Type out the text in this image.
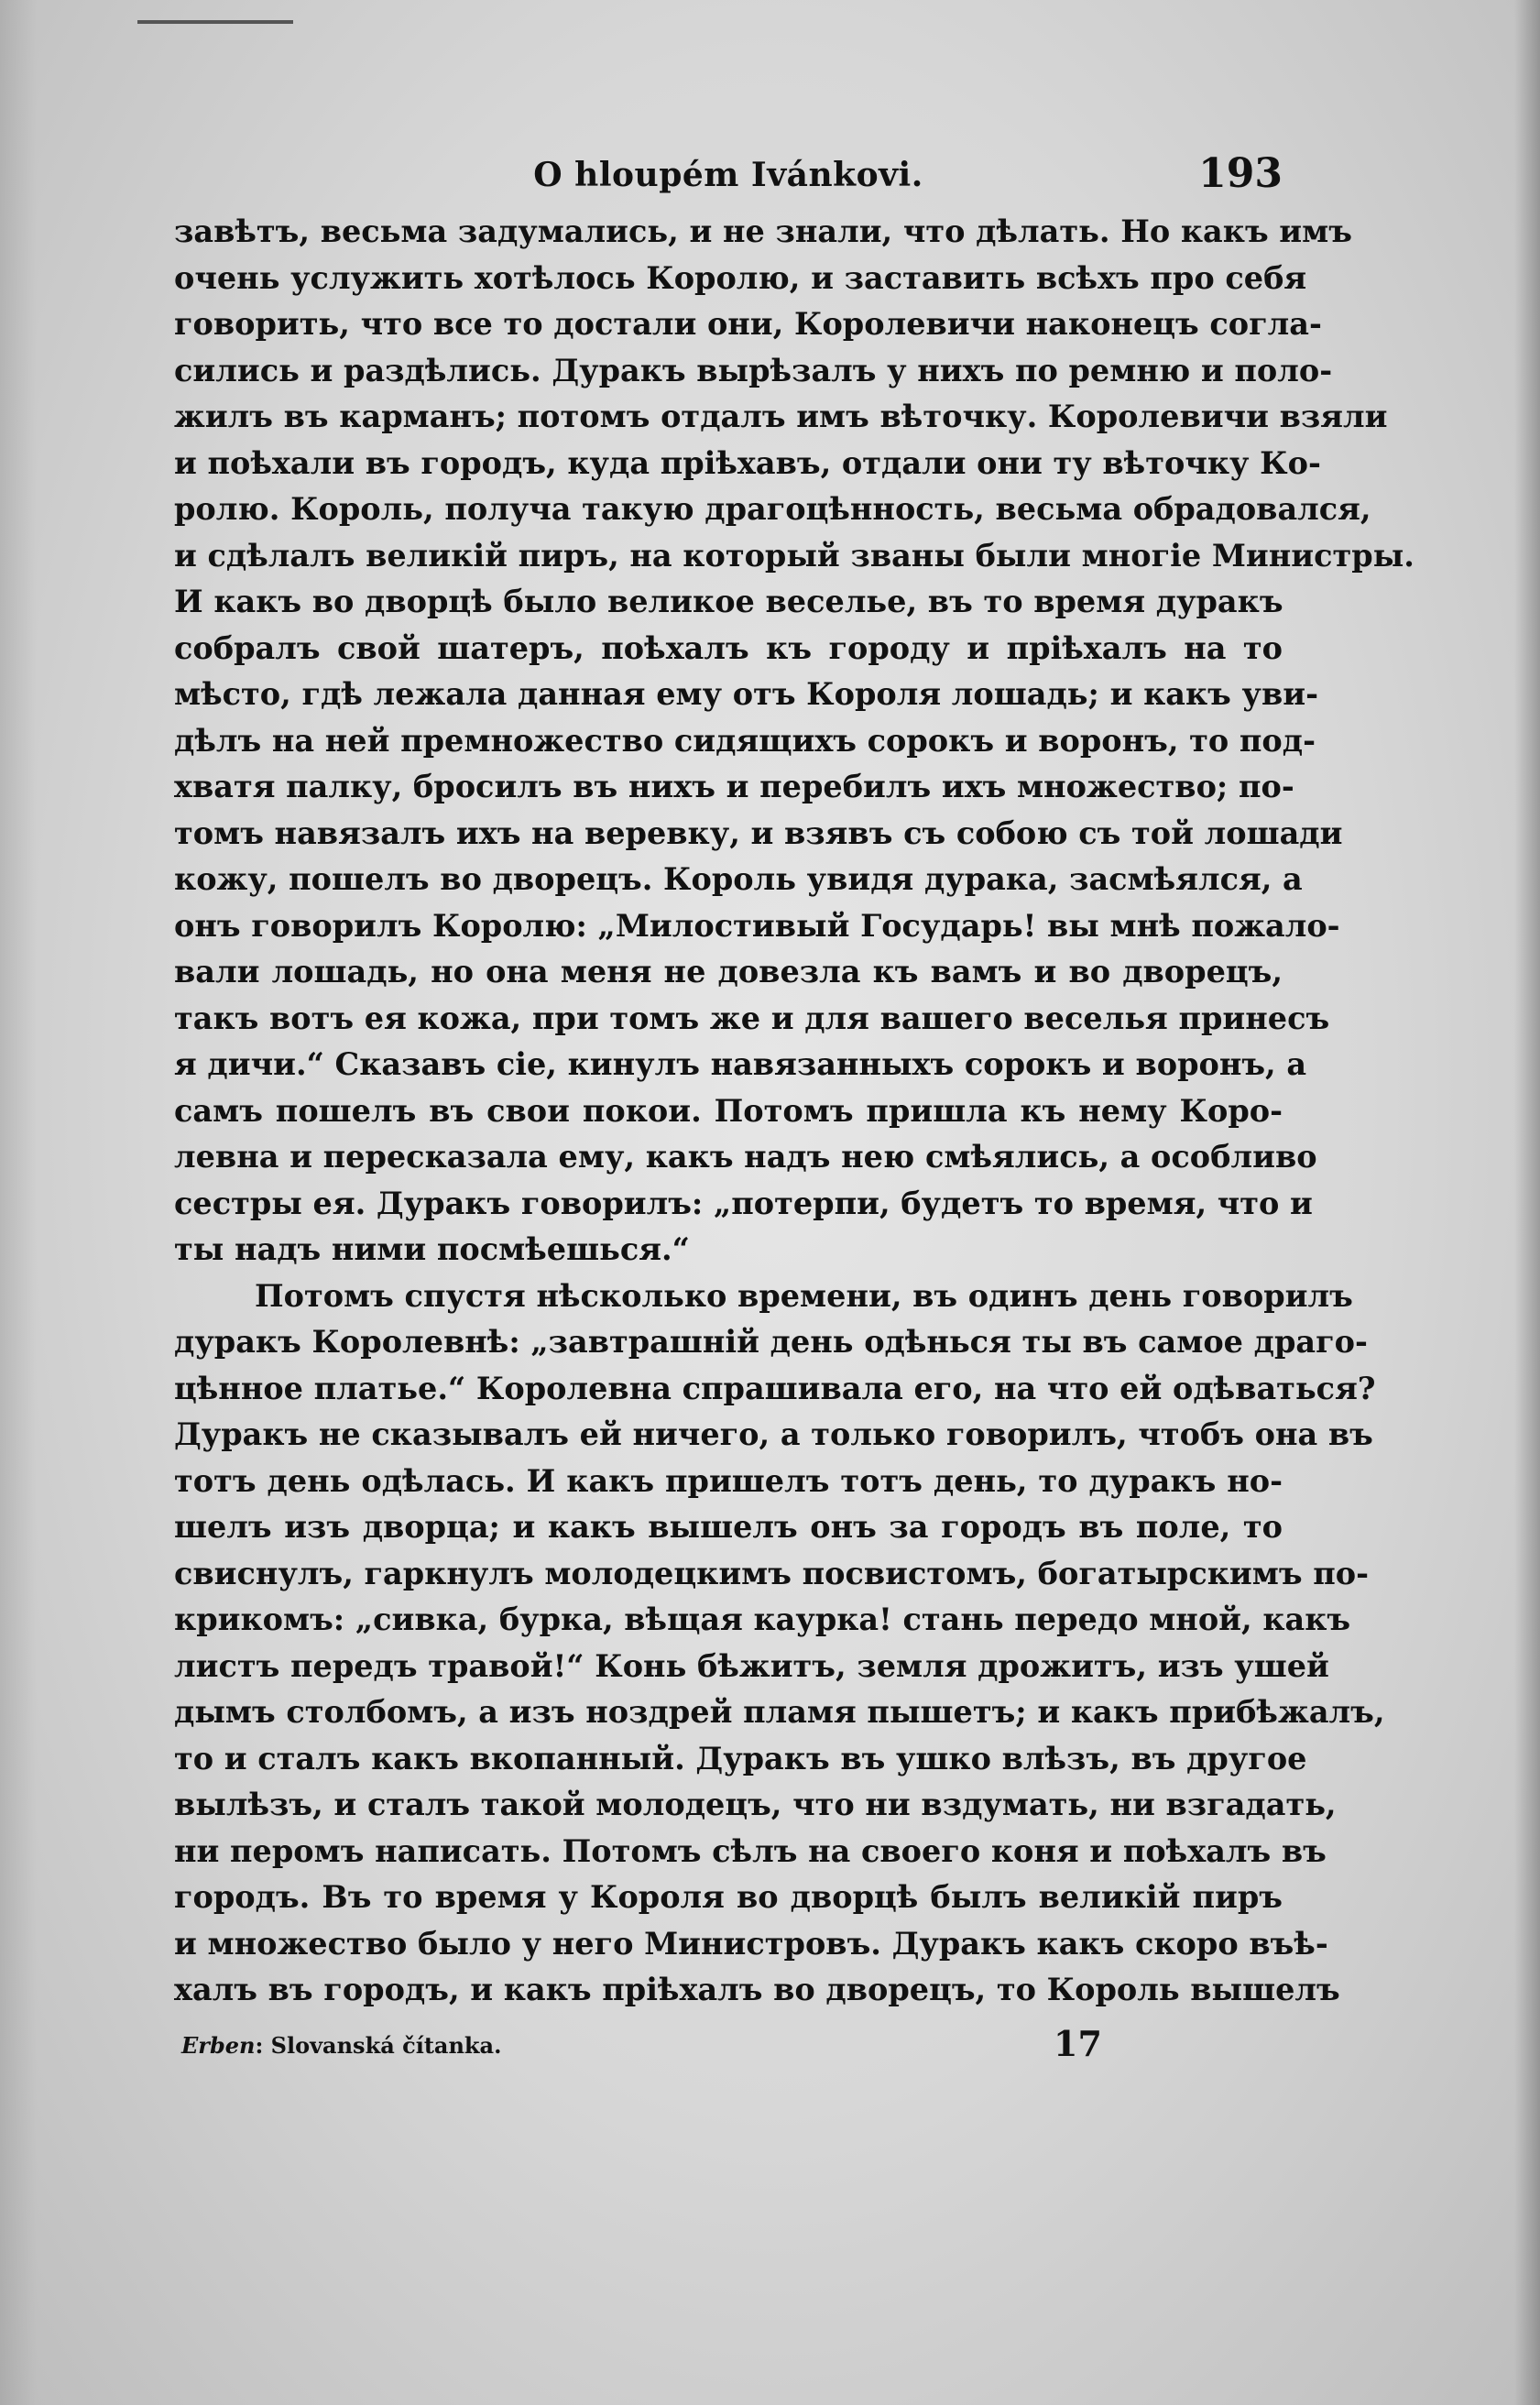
O hloupém Ivánkovi.	193
завѣтъ, весьма задумались, и не знали, что дѣлать. Но какъ имъ
очень услужить хотѣлось Королю, и заставить всѣхъ про себя
говорить, что все то достали они, Королевичи наконецъ согла-
сились и раздѣлись. Дуракъ вырѣзалъ у нихъ по ремню и поло-
жилъ въ карманъ; потомъ отдалъ имъ вѣточку. Королевичи взяли
и поѣхали въ городъ, куда пріѣхавъ, отдали они ту вѣточку Ко-
ролю. Король, получа такую драгоцѣнность, весьма обрадовался,
и сдѣлалъ великій пиръ, на который званы были многіе Министры.
И какъ во дворцѣ было великое веселье, въ то время дуракъ
собралъ свой шатеръ, поѣхалъ къ городу и пріѣхалъ на то
мѣсто, гдѣ лежала данная ему отъ Короля лошадь; и какъ уви-
дѣлъ на ней премножество сидящихъ сорокъ и воронъ, то под-
хватя палку, бросилъ въ нихъ и перебилъ ихъ множество; по-
томъ навязалъ ихъ на веревку, и взявъ съ собою съ той лошади
кожу, пошелъ во дворецъ. Король увидя дурака, засмѣялся, а
онъ говорилъ Королю: „Милостивый Государь! вы мнѣ пожало-
вали лошадь, но она меня не довезла къ вамъ и во дворецъ,
такъ вотъ ея кожа, при томъ же и для вашего веселья принесъ
я дичи.“ Сказавъ сіе, кинулъ навязанныхъ сорокъ и воронъ, а
самъ пошелъ въ свои покои. Потомъ пришла къ нему Коро-
левна и пересказала ему, какъ надъ нею смѣялись, а особливо
сестры ея. Дуракъ говорилъ: „потерпи, будетъ то время, что и
ты надъ ними посмѣешься.“
Потомъ спустя нѣсколько времени, въ одинъ день говорилъ
дуракъ Королевнѣ: „завтрашній день одѣнься ты въ самое драго-
цѣнное платье.“ Королевна спрашивала его, на что ей одѣваться?
Дуракъ не сказывалъ ей ничего, а только говорилъ, чтобъ она въ
тотъ день одѣлась. И какъ пришелъ тотъ день, то дуракъ но-
шелъ изъ дворца; и какъ вышелъ онъ за городъ въ поле, то
свиснулъ, гаркнулъ молодецкимъ посвистомъ, богатырскимъ по-
крикомъ: „сивка, бурка, вѣщая каурка! стань передо мной, какъ
листъ передъ травой!“ Конь бѣжитъ, земля дрожитъ, изъ ушей
дымъ столбомъ, а изъ ноздрей пламя пышетъ; и какъ прибѣжалъ,
то и сталъ какъ вкопанный. Дуракъ въ ушко влѣзъ, въ другое
вылѣзъ, и сталъ такой молодецъ, что ни вздумать, ни взгадать,
ни перомъ написать. Потомъ сѣлъ на своего коня и поѣхалъ въ
городъ. Въ то время у Короля во дворцѣ былъ великій пиръ
и множество было у него Министровъ. Дуракъ какъ скоро въѣ-
халъ въ городъ, и какъ пріѣхалъ во дворецъ, то Король вышелъ
Erben: Slovanská čítanka.	17
